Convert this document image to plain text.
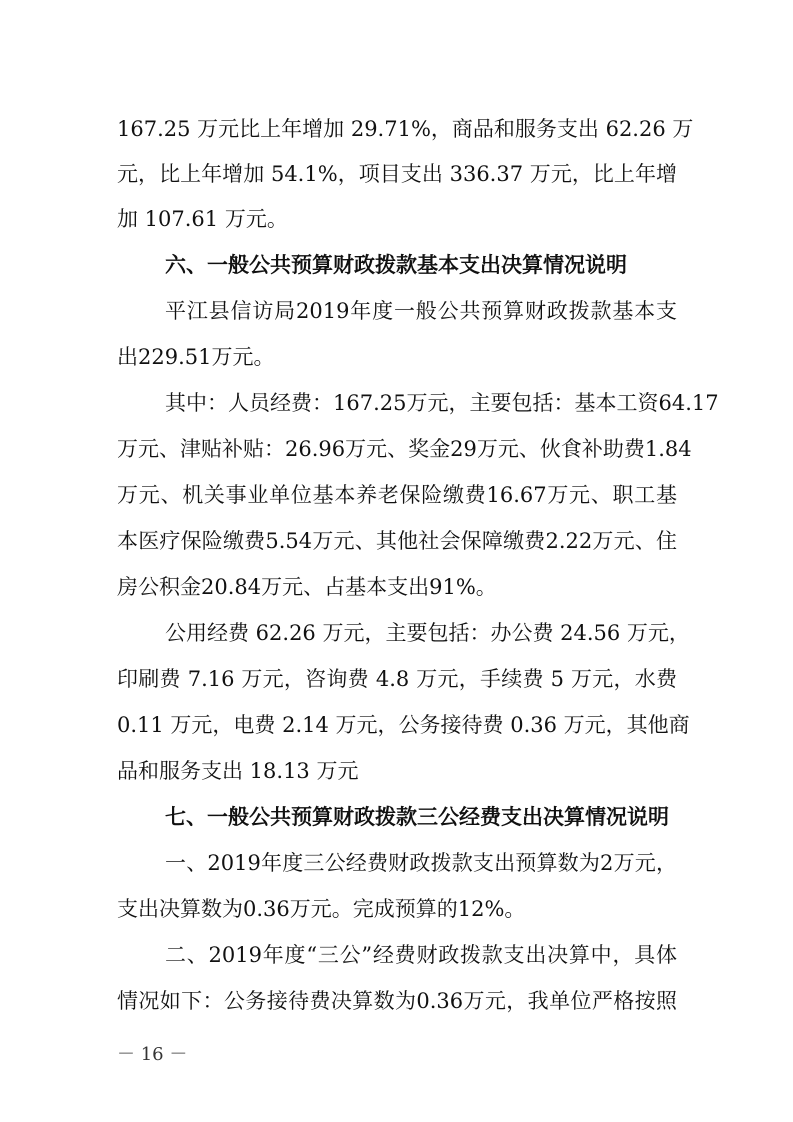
167.25 万元比上年增加 29.71%，商品和服务支出 62.26 万
元，比上年增加 54.1%，项目支出 336.37 万元，比上年增
加 107.61 万元。
六、一般公共预算财政拨款基本支出决算情况说明
平江县信访局2019年度一般公共预算财政拨款基本支
出229.51万元。
其中：人员经费：167.25万元，主要包括：基本工资64.17
万元、津贴补贴：26.96万元、奖金29万元、伙食补助费1.84
万元、机关事业单位基本养老保险缴费16.67万元、职工基
本医疗保险缴费5.54万元、其他社会保障缴费2.22万元、住
房公积金20.84万元、占基本支出91%。
公用经费 62.26 万元，主要包括：办公费 24.56 万元，
印刷费 7.16 万元，咨询费 4.8 万元，手续费 5 万元，水费
0.11 万元，电费 2.14 万元，公务接待费 0.36 万元，其他商
品和服务支出 18.13 万元
七、一般公共预算财政拨款三公经费支出决算情况说明
一、2019年度三公经费财政拨款支出预算数为2万元，
支出决算数为0.36万元。完成预算的12%。
二、2019年度“三公”经费财政拨款支出决算中，具体
情况如下：公务接待费决算数为0.36万元，我单位严格按照
－ 16 －
